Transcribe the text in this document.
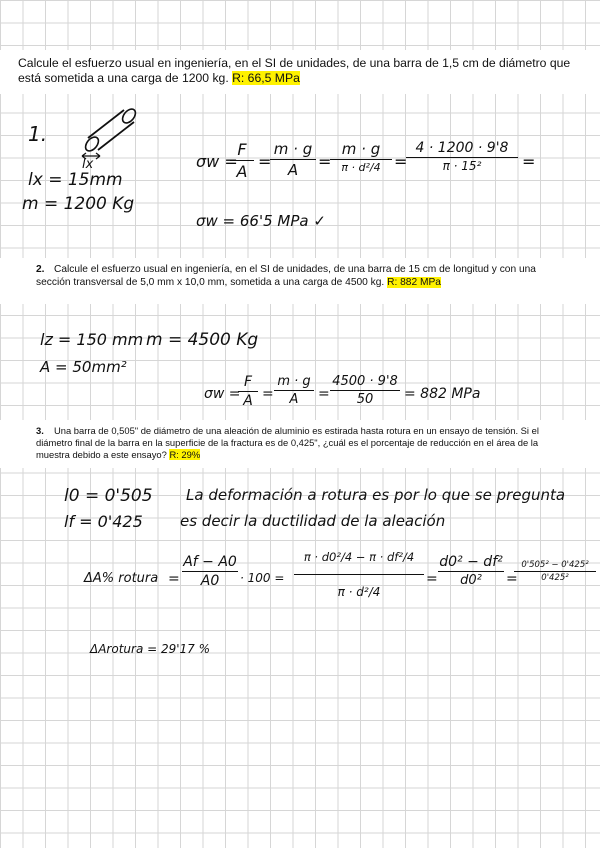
Calcule el esfuerzo usual en ingeniería, en el SI de unidades, de una barra de 1,5 cm de diámetro que está sometida a una carga de 1200 kg. R: 66,5 MPa
1.
lx
lx = 15mm
m = 1200 Kg
σw =
F
A
=
m · g
A	=
m · g
π · d²/4 =
4 · 1200 · 9'8
π · 15²	=
σw = 66'5 MPa ✓
2. Calcule el esfuerzo usual en ingeniería, en el SI de unidades, de una barra de 15 cm de longitud y con una sección transversal de 5,0 mm x 10,0 mm, sometida a una carga de 4500 kg. R: 882 MPa
lz = 150 mm m = 4500 Kg
A = 50mm²
σw =
F
A =
m · g
A	=
4500 · 9'8
50	= 882 MPa
3. Una barra de 0,505" de diámetro de una aleación de aluminio es estirada hasta rotura en un ensayo de tensión. Si el diámetro final de la barra en la superficie de la fractura es de 0,425", ¿cuál es el porcentaje de reducción en el área de la muestra debido a este ensayo? R: 29%
l0 = 0'505
lf = 0'425
La deformación a rotura es por lo que se pregunta
es decir la ductilidad de la aleación
ΔA% rotura =
Af − A0
A0	· 100 =
π · d0²/4 − π · df²/4
π · d²/4
=
d0² − df²
d0²	=
0'505² − 0'425²
0'425²
ΔArotura = 29'17 %
